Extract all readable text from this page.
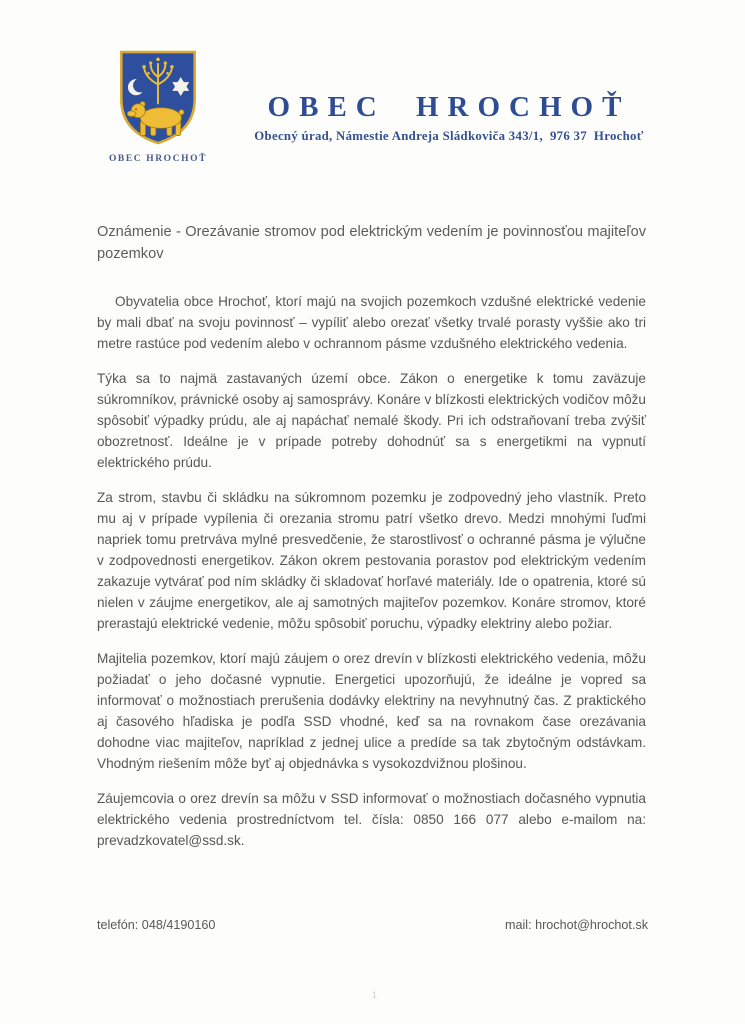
OBEC HROCHOŤ
OBEC HROCHOŤ
Obecný úrad, Námestie Andreja Sládkoviča 343/1,  976 37  Hrochoť

Oznámenie - Orezávanie stromov pod elektrickým vedením je povinnosťou majiteľov pozemkov

Obyvatelia obce Hrochoť, ktorí majú na svojich pozemkoch vzdušné elektrické vedenie by mali dbať na svoju povinnosť – vypíliť alebo orezať všetky trvalé porasty vyššie ako tri metre rastúce pod vedením alebo v ochrannom pásme vzdušného elektrického vedenia.

Týka sa to najmä zastavaných území obce. Zákon o energetike k tomu zaväzuje súkromníkov, právnické osoby aj samosprávy. Konáre v blízkosti elektrických vodičov môžu spôsobiť výpadky prúdu, ale aj napáchať nemalé škody. Pri ich odstraňovaní treba zvýšiť obozretnosť. Ideálne je v prípade potreby dohodnúť sa s energetikmi na vypnutí elektrického prúdu.

Za strom, stavbu či skládku na súkromnom pozemku je zodpovedný jeho vlastník. Preto mu aj v prípade vypílenia či orezania stromu patrí všetko drevo. Medzi mnohými ľuďmi napriek tomu pretrváva mylné presvedčenie, že starostlivosť o ochranné pásma je výlučne v zodpovednosti energetikov. Zákon okrem pestovania porastov pod elektrickým vedením zakazuje vytvárať pod ním skládky či skladovať horľavé materiály. Ide o opatrenia, ktoré sú nielen v záujme energetikov, ale aj samotných majiteľov pozemkov. Konáre stromov, ktoré prerastajú elektrické vedenie, môžu spôsobiť poruchu, výpadky elektriny alebo požiar.

Majitelia pozemkov, ktorí majú záujem o orez drevín v blízkosti elektrického vedenia, môžu požiadať o jeho dočasné vypnutie. Energetici upozorňujú, že ideálne je vopred sa informovať o možnostiach prerušenia dodávky elektriny na nevyhnutný čas. Z praktického aj časového hľadiska je podľa SSD vhodné, keď sa na rovnakom čase orezávania dohodne viac majiteľov, napríklad z jednej ulice a predíde sa tak zbytočným odstávkam. Vhodným riešením môže byť aj objednávka s vysokozdvižnou plošinou.

Záujemcovia o orez drevín sa môžu v SSD informovať o možnostiach dočasného vypnutia elektrického vedenia prostredníctvom tel. čísla: 0850 166 077 alebo e-mailom na: prevadzkovatel@ssd.sk.

telefón: 048/4190160	mail: hrochot@hrochot.sk
1
